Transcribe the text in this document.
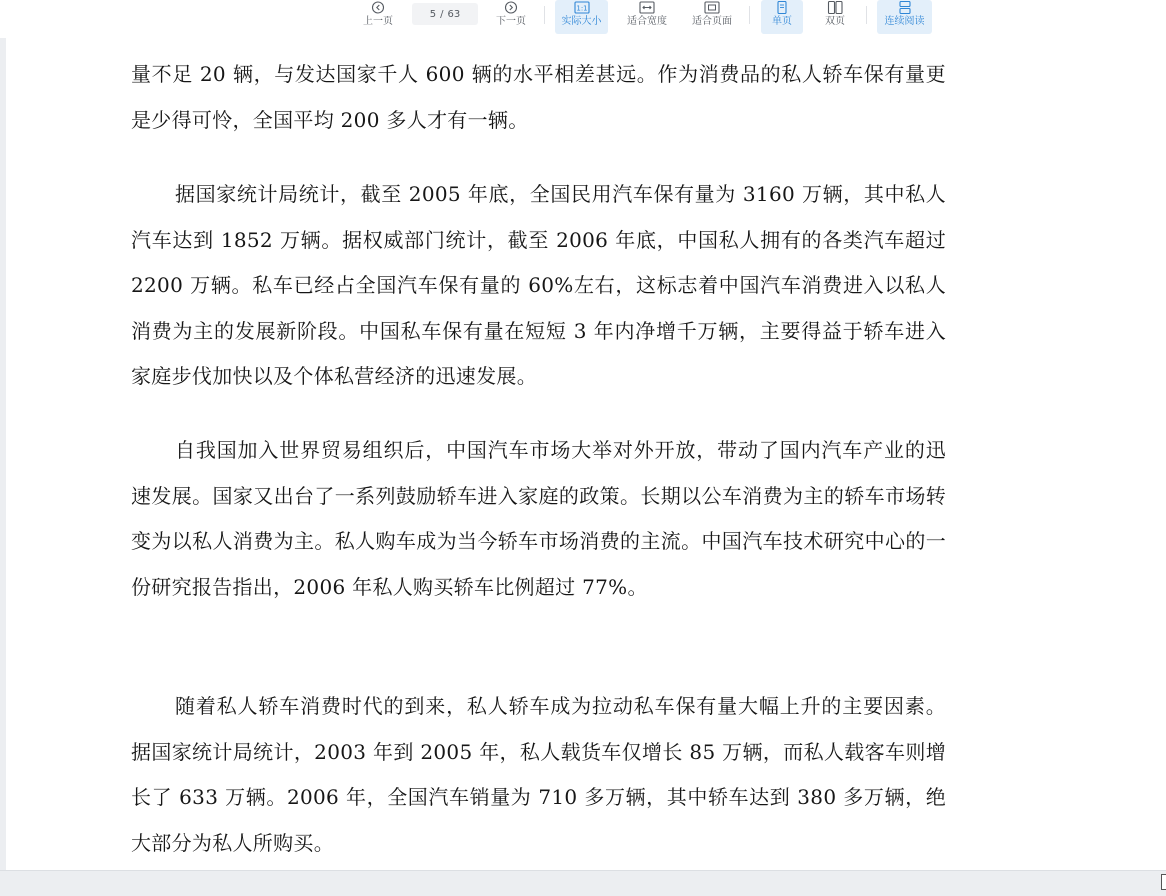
上一页
5 / 63
下一页
1:1
实际大小	适合宽度	适合页面	单页	双页	连续阅读

量不足 20 辆，与发达国家千人 600 辆的水平相差甚远。作为消费品的私人轿车保有量更是少得可怜，全国平均 200 多人才有一辆。

据国家统计局统计，截至 2005 年底，全国民用汽车保有量为 3160 万辆，其中私人汽车达到 1852 万辆。据权威部门统计，截至 2006 年底，中国私人拥有的各类汽车超过 2200 万辆。私车已经占全国汽车保有量的 60%左右，这标志着中国汽车消费进入以私人消费为主的发展新阶段。中国私车保有量在短短 3 年内净增千万辆，主要得益于轿车进入家庭步伐加快以及个体私营经济的迅速发展。

自我国加入世界贸易组织后，中国汽车市场大举对外开放，带动了国内汽车产业的迅速发展。国家又出台了一系列鼓励轿车进入家庭的政策。长期以公车消费为主的轿车市场转变为以私人消费为主。私人购车成为当今轿车市场消费的主流。中国汽车技术研究中心的一份研究报告指出，2006 年私人购买轿车比例超过 77%。

随着私人轿车消费时代的到来，私人轿车成为拉动私车保有量大幅上升的主要因素。据国家统计局统计，2003 年到 2005 年，私人载货车仅增长 85 万辆，而私人载客车则增长了 633 万辆。2006 年，全国汽车销量为 710 多万辆，其中轿车达到 380 多万辆，绝大部分为私人所购买。
